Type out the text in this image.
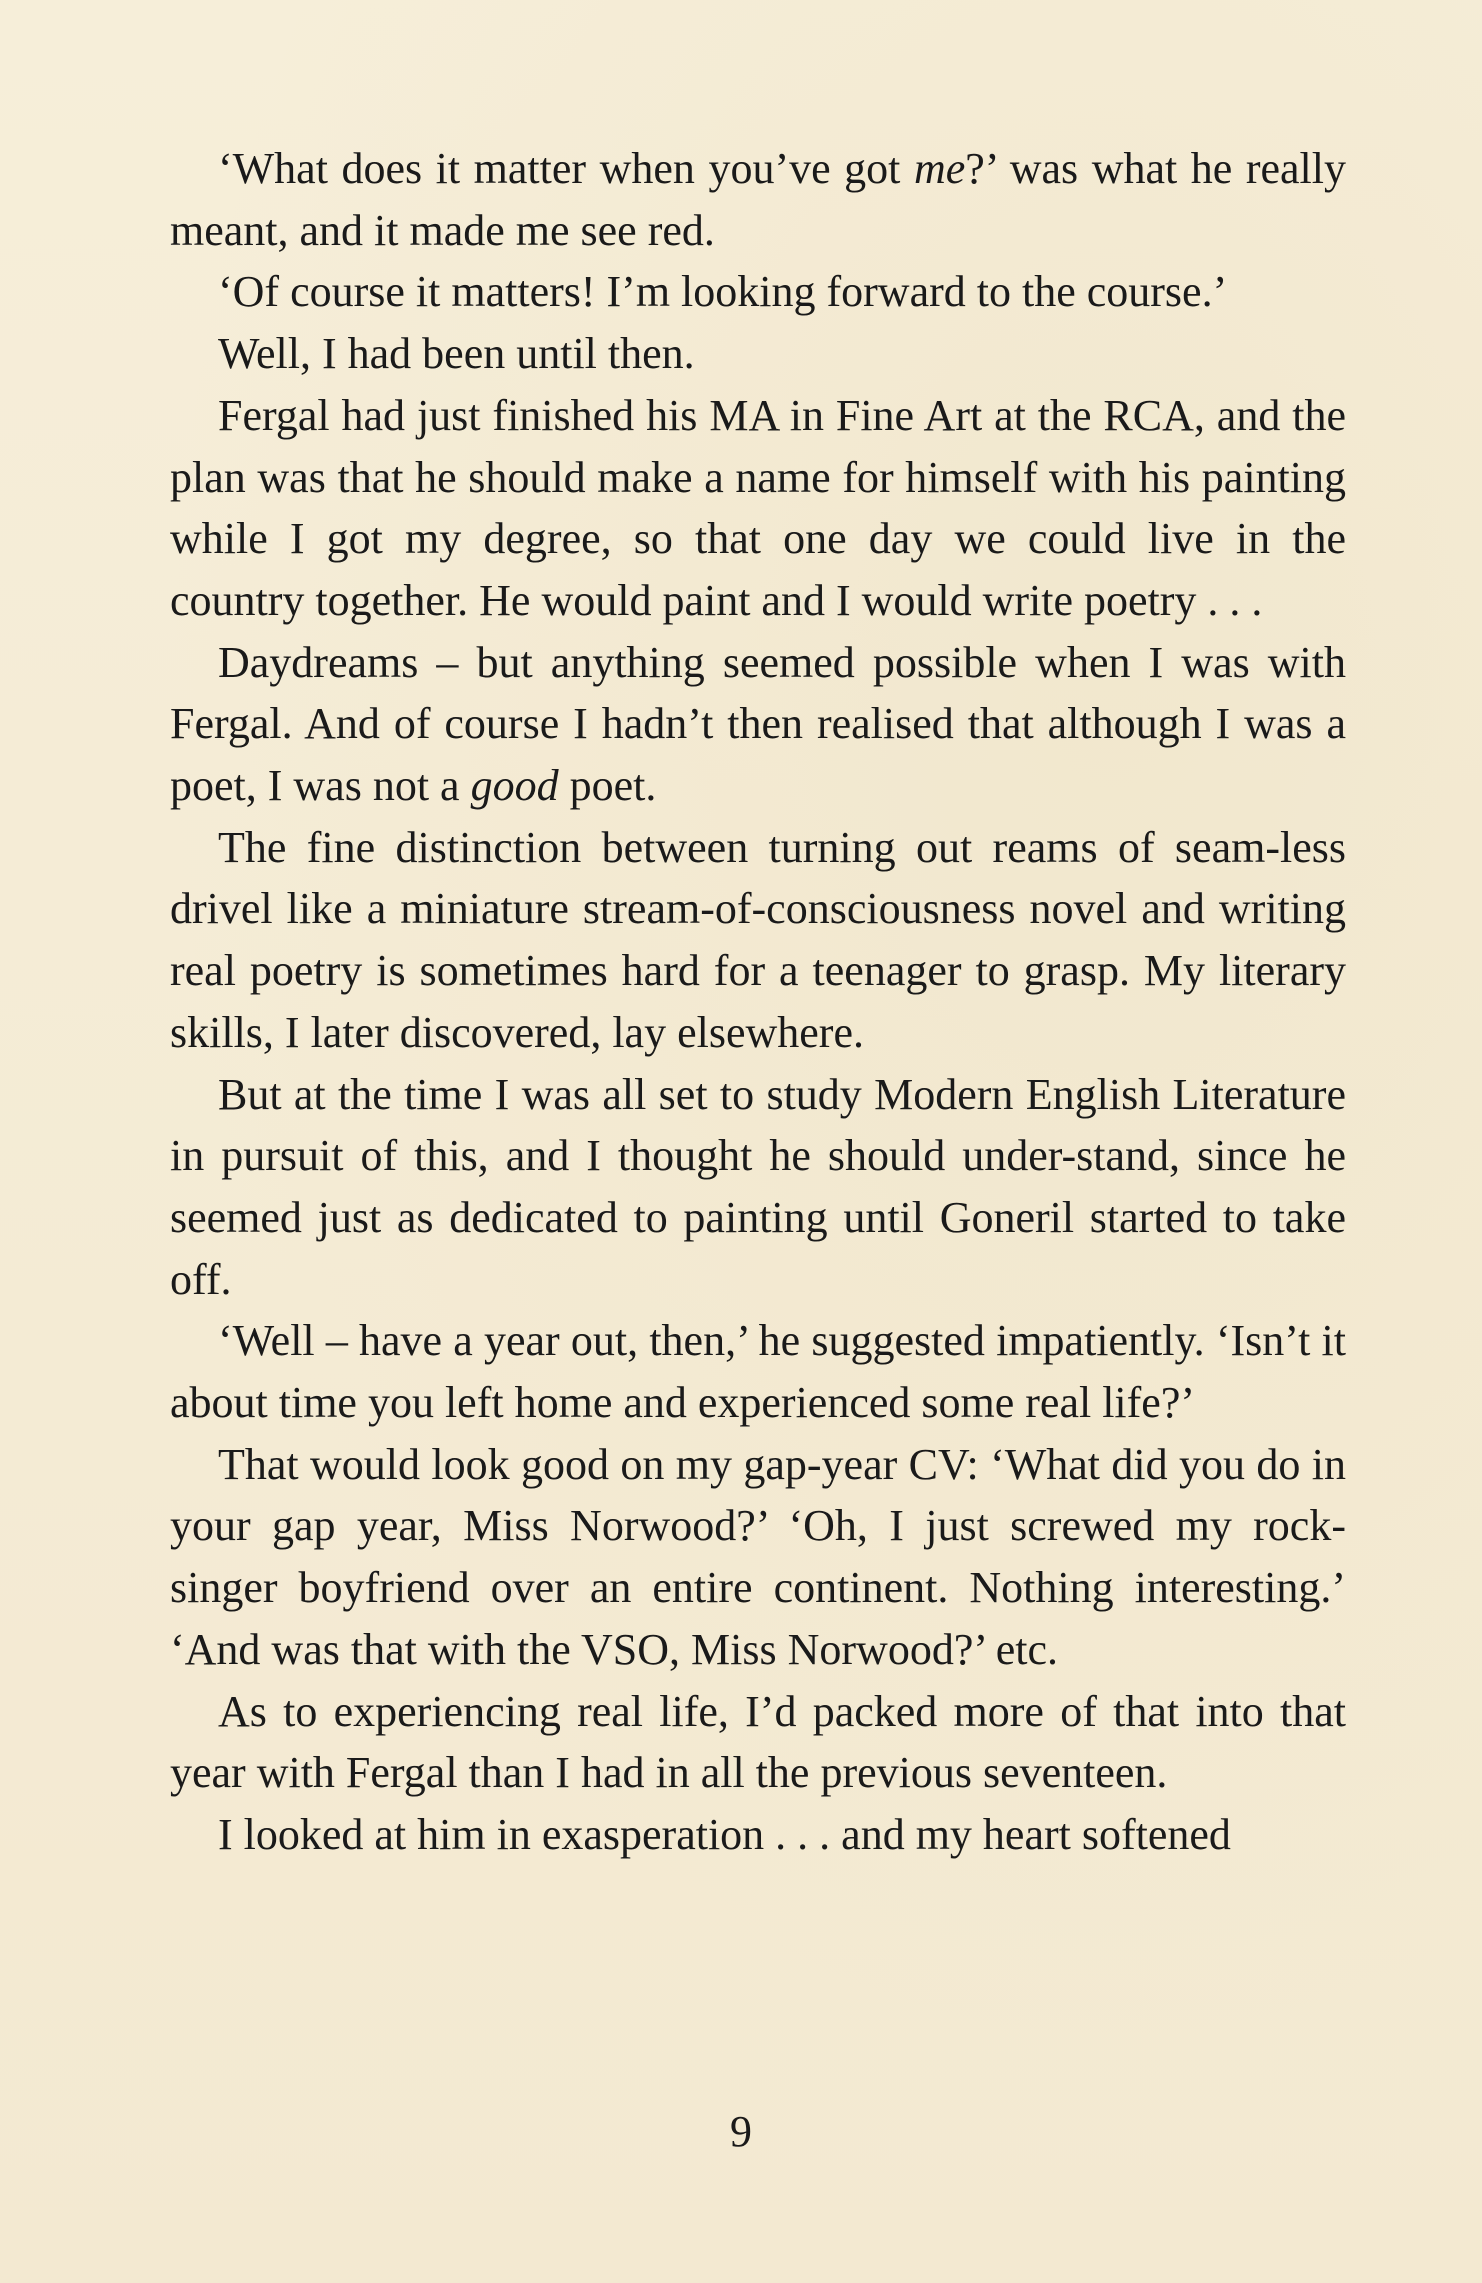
‘What does it matter when you’ve got me?’ was what he really meant, and it made me see red.

‘Of course it matters! I’m looking forward to the course.’

Well, I had been until then.

Fergal had just finished his MA in Fine Art at the RCA, and the plan was that he should make a name for himself with his painting while I got my degree, so that one day we could live in the country together. He would paint and I would write poetry . . .

Daydreams – but anything seemed possible when I was with Fergal. And of course I hadn’t then realised that although I was a poet, I was not a good poet.

The fine distinction between turning out reams of seam-less drivel like a miniature stream-of-consciousness novel and writing real poetry is sometimes hard for a teenager to grasp. My literary skills, I later discovered, lay elsewhere.

But at the time I was all set to study Modern English Literature in pursuit of this, and I thought he should under-stand, since he seemed just as dedicated to painting until Goneril started to take off.

‘Well – have a year out, then,’ he suggested impatiently. ‘Isn’t it about time you left home and experienced some real life?’

That would look good on my gap-year CV: ‘What did you do in your gap year, Miss Norwood?’ ‘Oh, I just screwed my rock-singer boyfriend over an entire continent. Nothing interesting.’ ‘And was that with the VSO, Miss Norwood?’ etc.

As to experiencing real life, I’d packed more of that into that year with Fergal than I had in all the previous seventeen.

I looked at him in exasperation . . . and my heart softened

9
